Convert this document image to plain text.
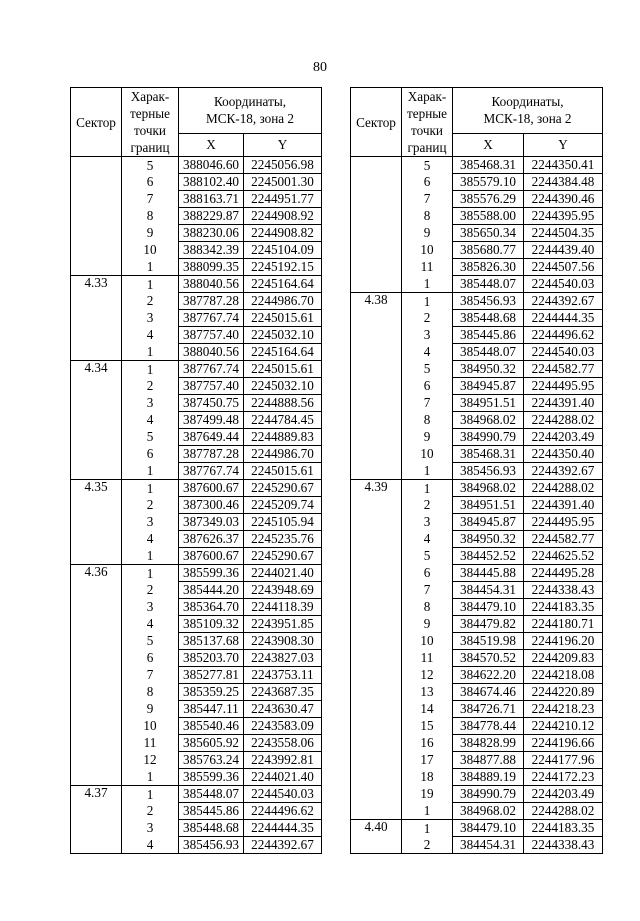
80
Сектор	Харак-
терные
точки
границ	Координаты,
МСК-18, зона 2	
		X	Y
	5	388046.60	2245056.98
	6	388102.40	2245001.30
	7	388163.71	2244951.77
	8	388229.87	2244908.92
	9	388230.06	2244908.82
	10	388342.39	2245104.09
	1	388099.35	2245192.15
4.33	1	388040.56	2245164.64
	2	387787.28	2244986.70
	3	387767.74	2245015.61
	4	387757.40	2245032.10
	1	388040.56	2245164.64
4.34	1	387767.74	2245015.61
	2	387757.40	2245032.10
	3	387450.75	2244888.56
	4	387499.48	2244784.45
	5	387649.44	2244889.83
	6	387787.28	2244986.70
	1	387767.74	2245015.61
4.35	1	387600.67	2245290.67
	2	387300.46	2245209.74
	3	387349.03	2245105.94
	4	387626.37	2245235.76
	1	387600.67	2245290.67
4.36	1	385599.36	2244021.40
	2	385444.20	2243948.69
	3	385364.70	2244118.39
	4	385109.32	2243951.85
	5	385137.68	2243908.30
	6	385203.70	2243827.03
	7	385277.81	2243753.11
	8	385359.25	2243687.35
	9	385447.11	2243630.47
	10	385540.46	2243583.09
	11	385605.92	2243558.06
	12	385763.24	2243992.81
	1	385599.36	2244021.40
4.37	1	385448.07	2244540.03
	2	385445.86	2244496.62
	3	385448.68	2244444.35
	4	385456.93	2244392.67
Сектор	Харак-
терные
точки
границ	Координаты,
МСК-18, зона 2	
		X	Y
	5	385468.31	2244350.41
	6	385579.10	2244384.48
	7	385576.29	2244390.46
	8	385588.00	2244395.95
	9	385650.34	2244504.35
	10	385680.77	2244439.40
	11	385826.30	2244507.56
	1	385448.07	2244540.03
4.38	1	385456.93	2244392.67
	2	385448.68	2244444.35
	3	385445.86	2244496.62
	4	385448.07	2244540.03
	5	384950.32	2244582.77
	6	384945.87	2244495.95
	7	384951.51	2244391.40
	8	384968.02	2244288.02
	9	384990.79	2244203.49
	10	385468.31	2244350.40
	1	385456.93	2244392.67
4.39	1	384968.02	2244288.02
	2	384951.51	2244391.40
	3	384945.87	2244495.95
	4	384950.32	2244582.77
	5	384452.52	2244625.52
	6	384445.88	2244495.28
	7	384454.31	2244338.43
	8	384479.10	2244183.35
	9	384479.82	2244180.71
	10	384519.98	2244196.20
	11	384570.52	2244209.83
	12	384622.20	2244218.08
	13	384674.46	2244220.89
	14	384726.71	2244218.23
	15	384778.44	2244210.12
	16	384828.99	2244196.66
	17	384877.88	2244177.96
	18	384889.19	2244172.23
	19	384990.79	2244203.49
	1	384968.02	2244288.02
4.40	1	384479.10	2244183.35
	2	384454.31	2244338.43
